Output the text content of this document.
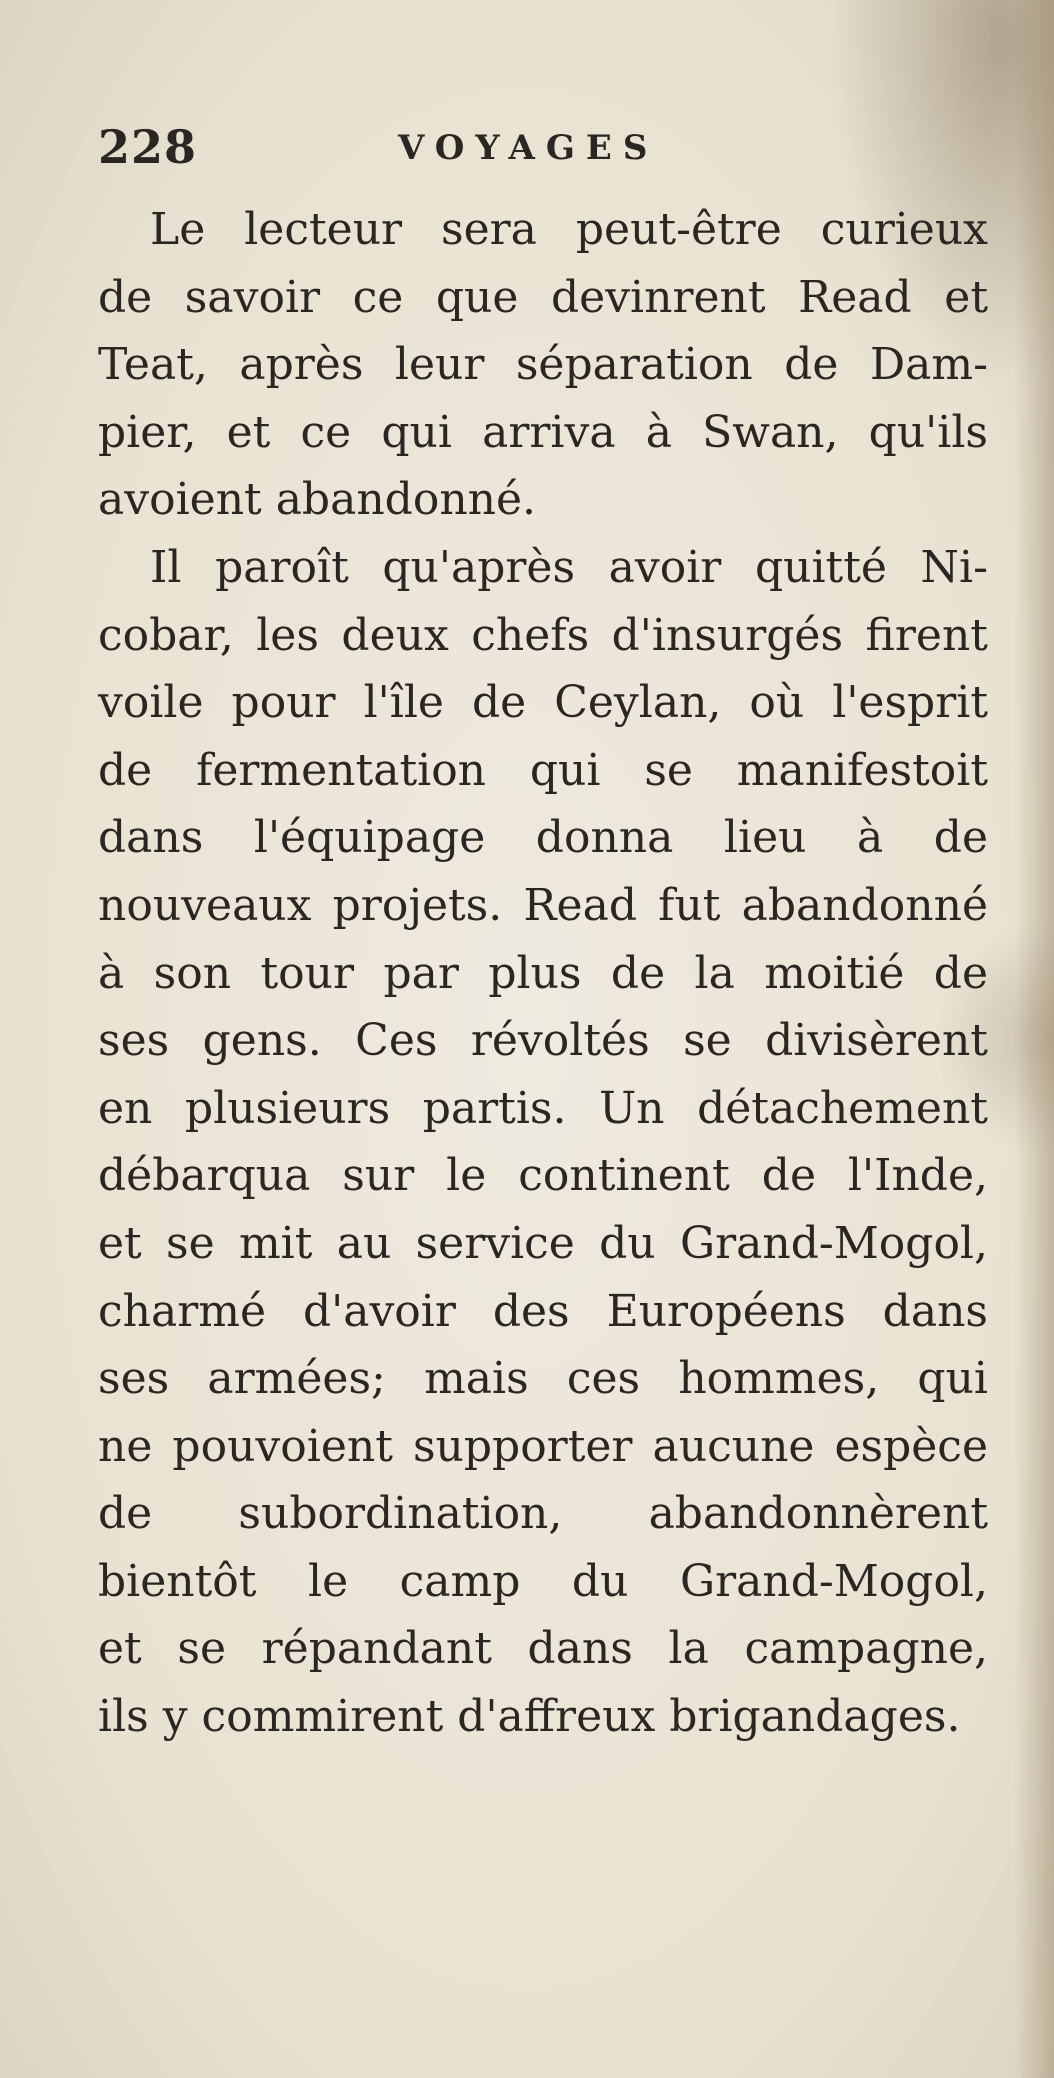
228	VOYAGES
Le lecteur sera peut-être curieux
de savoir ce que devinrent Read et
Teat, après leur séparation de Dam-
pier, et ce qui arriva à Swan, qu'ils
avoient abandonné.
Il paroît qu'après avoir quitté Ni-
cobar, les deux chefs d'insurgés firent
voile pour l'île de Ceylan, où l'esprit
de fermentation qui se manifestoit
dans l'équipage donna lieu à de
nouveaux projets. Read fut abandonné
à son tour par plus de la moitié de
ses gens. Ces révoltés se divisèrent
en plusieurs partis. Un détachement
débarqua sur le continent de l'Inde,
et se mit au service du Grand-Mogol,
charmé d'avoir des Européens dans
ses armées; mais ces hommes, qui
ne pouvoient supporter aucune espèce
de subordination, abandonnèrent
bientôt le camp du Grand-Mogol,
et se répandant dans la campagne,
ils y commirent d'affreux brigandages.
